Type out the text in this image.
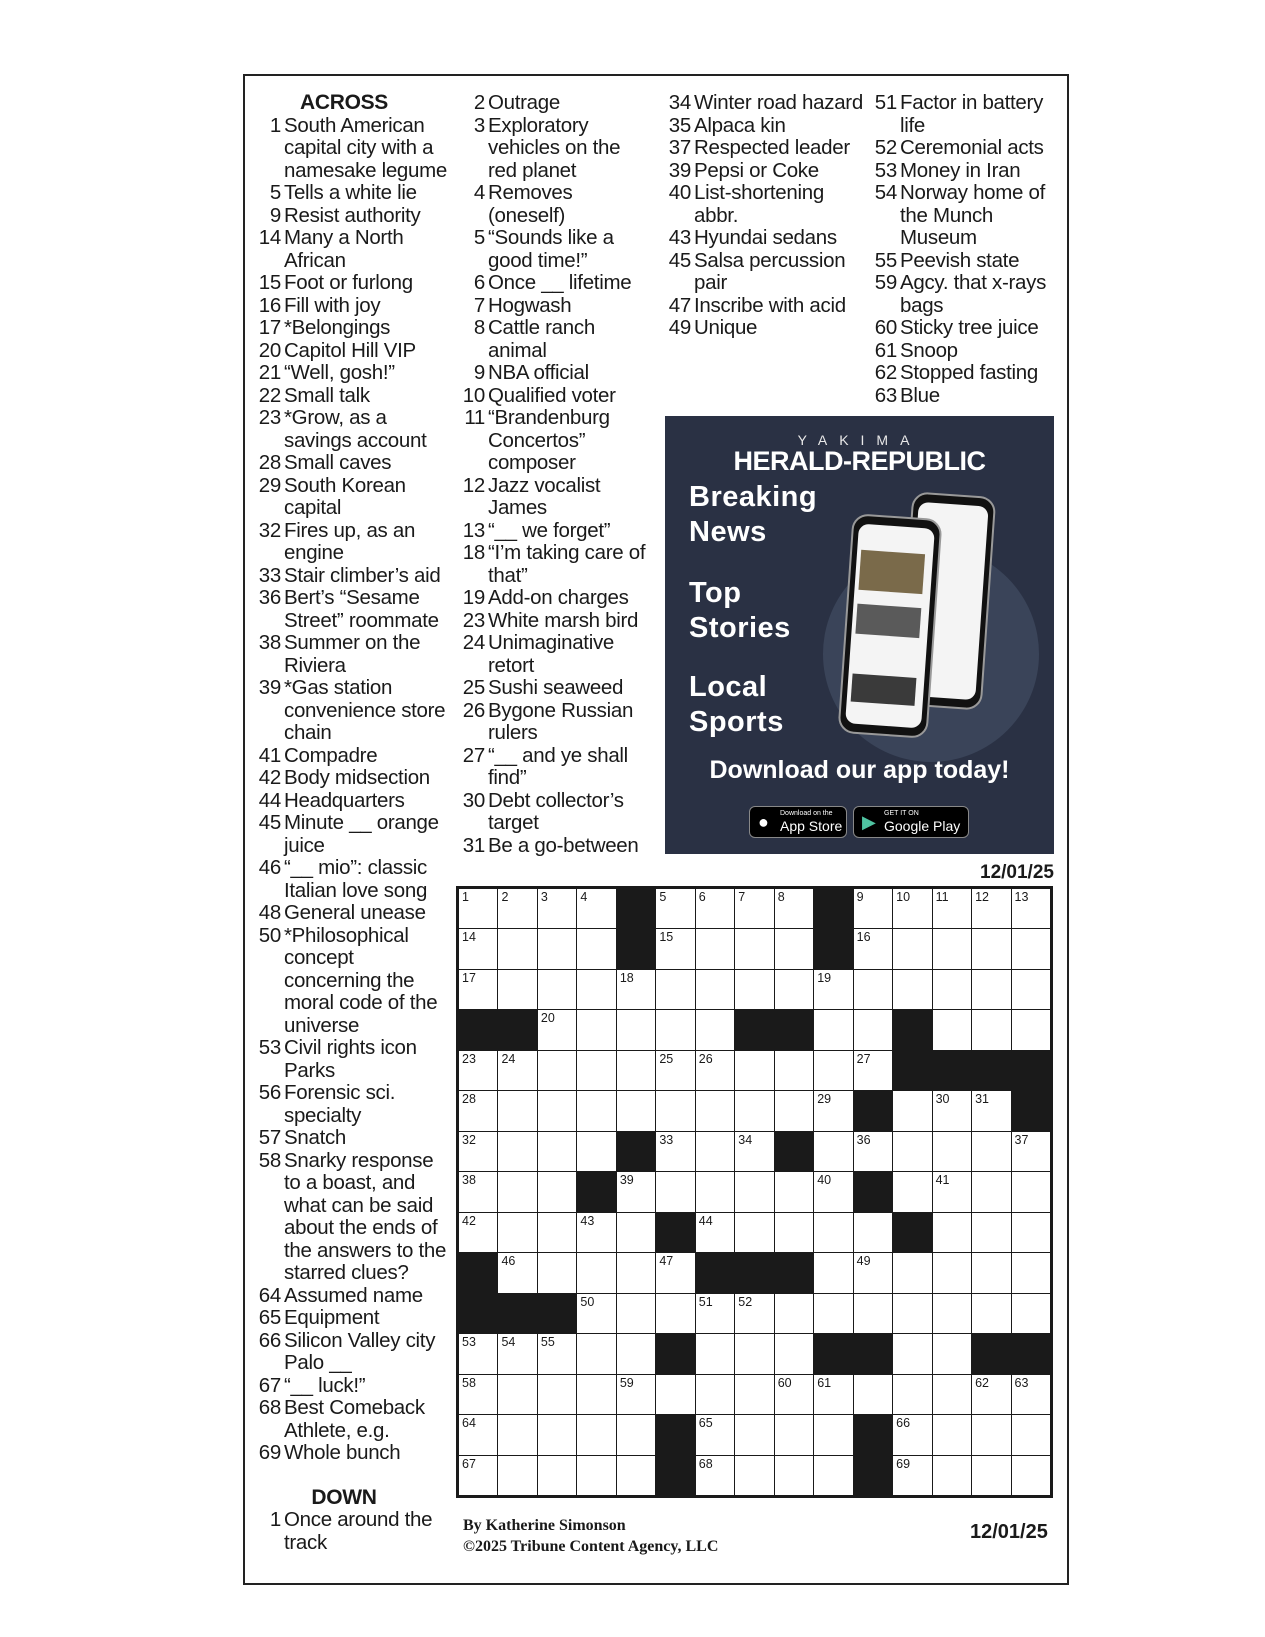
ACROSS
1 South American capital city with a namesake legume
5 Tells a white lie
9 Resist authority
14 Many a North African
15 Foot or furlong
16 Fill with joy
17 *Belongings
20 Capitol Hill VIP
21 “Well, gosh!”
22 Small talk
23 *Grow, as a savings account
28 Small caves
29 South Korean capital
32 Fires up, as an engine
33 Stair climber’s aid
36 Bert’s “Sesame Street” roommate
38 Summer on the Riviera
39 *Gas station convenience store chain
41 Compadre
42 Body midsection
44 Headquarters
45 Minute __ orange juice
46 “__ mio”: classic Italian love song
48 General unease
50 *Philosophical concept concerning the moral code of the universe
53 Civil rights icon Parks
56 Forensic sci. specialty
57 Snatch
58 Snarky response to a boast, and what can be said about the ends of the answers to the starred clues?
64 Assumed name
65 Equipment
66 Silicon Valley city Palo __
67 “__ luck!”
68 Best Comeback Athlete, e.g.
69 Whole bunch
DOWN
1 Once around the track
2 Outrage
3 Exploratory vehicles on the red planet
4 Removes (oneself)
5 “Sounds like a good time!”
6 Once __ lifetime
7 Hogwash
8 Cattle ranch animal
9 NBA official
10 Qualified voter
11 “Brandenburg Concertos” composer
12 Jazz vocalist James
13 “__ we forget”
18 “I’m taking care of that”
19 Add-on charges
23 White marsh bird
24 Unimaginative retort
25 Sushi seaweed
26 Bygone Russian rulers
27 “__ and ye shall find”
30 Debt collector’s target
31 Be a go-between
34 Winter road hazard
35 Alpaca kin
37 Respected leader
39 Pepsi or Coke
40 List-shortening abbr.
43 Hyundai sedans
45 Salsa percussion pair
47 Inscribe with acid
49 Unique
51 Factor in battery life
52 Ceremonial acts
53 Money in Iran
54 Norway home of the Munch Museum
55 Peevish state
59 Agcy. that x-rays bags
60 Sticky tree juice
61 Snoop
62 Stopped fasting
63 Blue
YAKIMA
HERALD-REPUBLIC
Breaking
News
Top
Stories
Local
Sports
Download our app today!
● Download on the
App Store ▶ GET IT ON
Google Play
12/01/25
1	2	3	4	5	6	7	8	9	10 11 12 13
14	15	16
17	18	19
20
23 24	25 26	27
28	29	30 31
32	33	34	36	37
38	39	40	41
42	43	44
46	47	49
50	51 52
53 54 55
58	59	60 61	62 63
64	65	66
67	68	69
By Katherine Simonson
©2025 Tribune Content Agency, LLC
12/01/25
